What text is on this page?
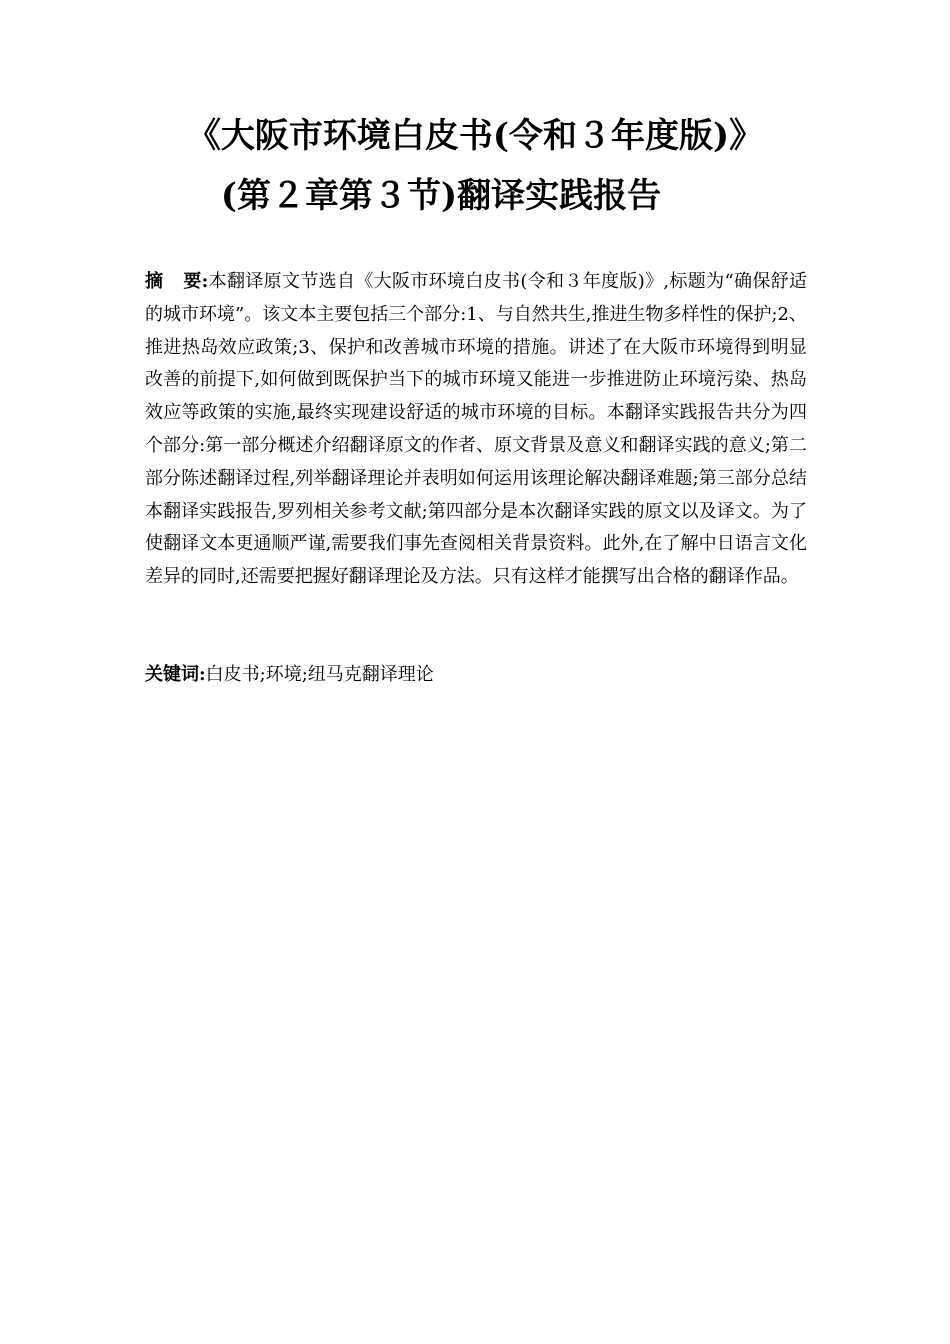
《大阪市环境白皮书(令和３年度版)》
(第２章第３节)翻译实践报告
摘要:本翻译原文节选自《大阪市环境白皮书(令和３年度版)》,标题为“确保舒适的城市环境”。该文本主要包括三个部分:1、与自然共生,推进生物多样性的保护;2、推进热岛效应政策;3、保护和改善城市环境的措施。讲述了在大阪市环境得到明显改善的前提下,如何做到既保护当下的城市环境又能进一步推进防止环境污染、热岛效应等政策的实施,最终实现建设舒适的城市环境的目标。本翻译实践报告共分为四个部分:第一部分概述介绍翻译原文的作者、原文背景及意义和翻译实践的意义;第二部分陈述翻译过程,列举翻译理论并表明如何运用该理论解决翻译难题;第三部分总结本翻译实践报告,罗列相关参考文献;第四部分是本次翻译实践的原文以及译文。为了使翻译文本更通顺严谨,需要我们事先查阅相关背景资料。此外,在了解中日语言文化差异的同时,还需要把握好翻译理论及方法。只有这样才能撰写出合格的翻译作品。
关键词:白皮书;环境;纽马克翻译理论
